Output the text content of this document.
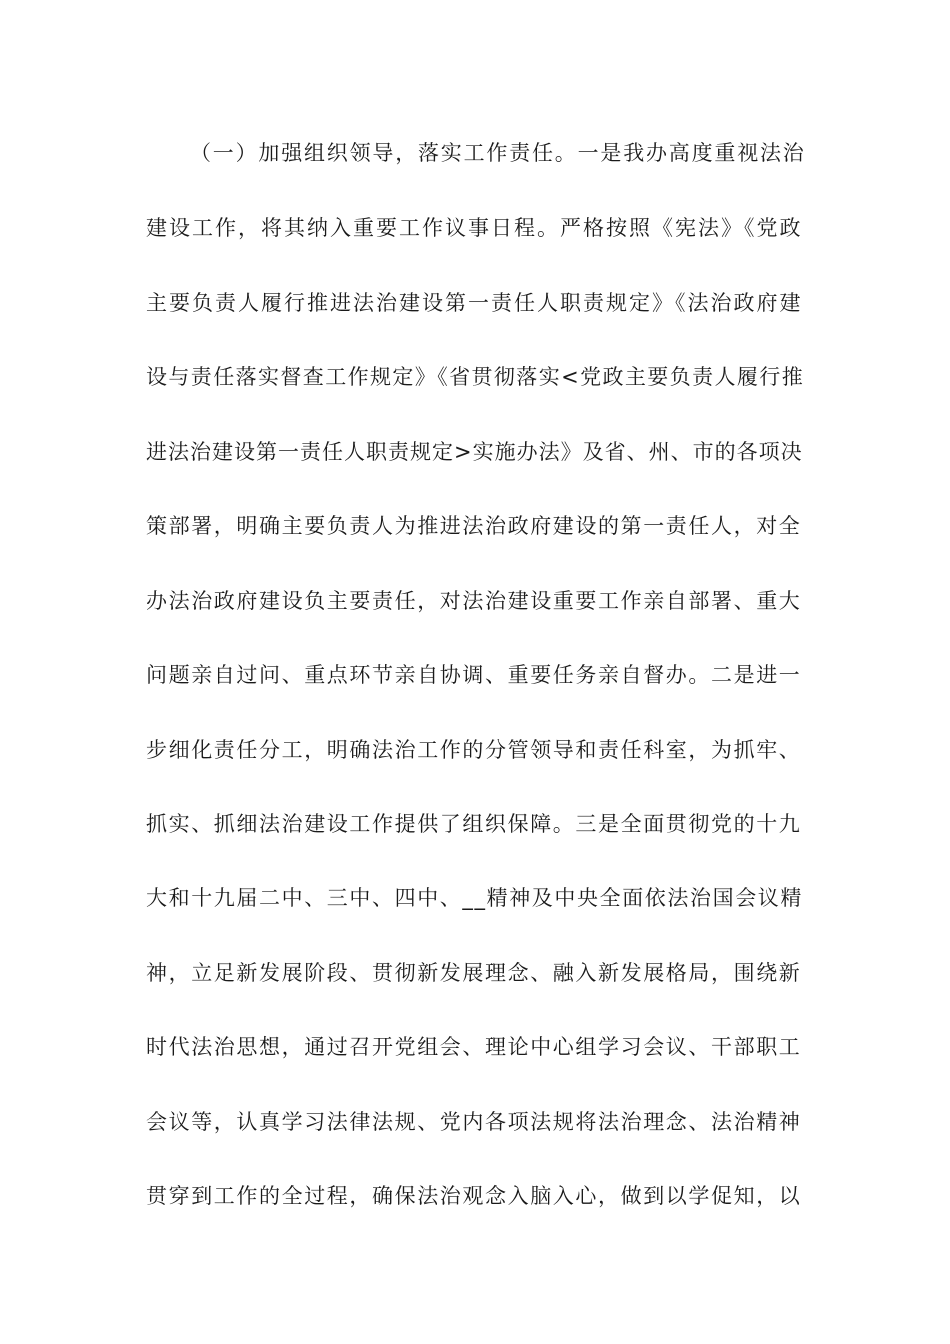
（一）加强组织领导，落实工作责任。一是我办高度重视法治
建设工作，将其纳入重要工作议事日程。严格按照《宪法》《党政
主要负责人履行推进法治建设第一责任人职责规定》《法治政府建
设与责任落实督查工作规定》《省贯彻落实<党政主要负责人履行推
进法治建设第一责任人职责规定>实施办法》及省、州、市的各项决
策部署，明确主要负责人为推进法治政府建设的第一责任人，对全
办法治政府建设负主要责任，对法治建设重要工作亲自部署、重大
问题亲自过问、重点环节亲自协调、重要任务亲自督办。二是进一
步细化责任分工，明确法治工作的分管领导和责任科室，为抓牢、
抓实、抓细法治建设工作提供了组织保障。三是全面贯彻党的十九
大和十九届二中、三中、四中、__精神及中央全面依法治国会议精
神，立足新发展阶段、贯彻新发展理念、融入新发展格局，围绕新
时代法治思想，通过召开党组会、理论中心组学习会议、干部职工
会议等，认真学习法律法规、党内各项法规将法治理念、法治精神
贯穿到工作的全过程，确保法治观念入脑入心，做到以学促知，以
